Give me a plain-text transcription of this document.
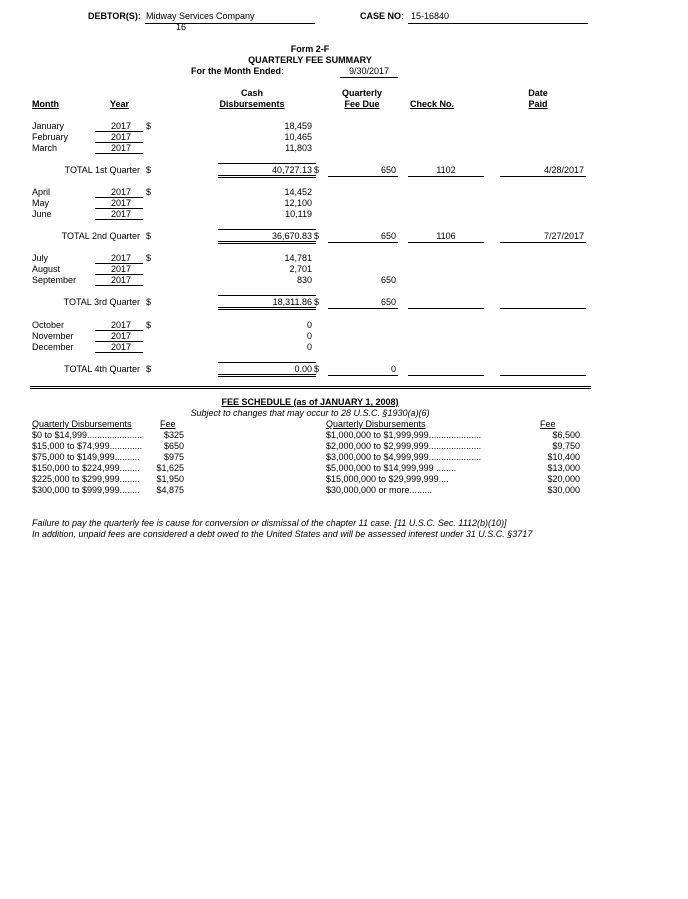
DEBTOR(S): Midway Services Company
16
CASE NO: 15-16840
Form 2-F
QUARTERLY FEE SUMMARY
For the Month Ended:	9/30/2017
Month	Year
Cash
Disbursements
Quarterly
Fee Due	Check No.
Date
Paid
January	2017	18,459
February	2017	10,465
March	2017	11,803
$
TOTAL 1st Quarter $	40,727.13 $	650	1102	4/28/2017
April	2017	14,452
May	2017	12,100
June	2017	10,119
$
TOTAL 2nd Quarter $	36,670.83 $	650	1106	7/27/2017
July	2017	14,781
August	2017	2,701
September	2017	830	650
$
TOTAL 3rd Quarter $	18,311.86 $	650
October	2017	0
November	2017	0
December	2017	0
$
TOTAL 4th Quarter $	0.00 $	0
FEE SCHEDULE (as of JANUARY 1, 2008)
Subject to changes that may occur to 28 U.S.C. §1930(a)(6)
Quarterly Disbursements	Fee	Quarterly Disbursements	Fee
$0 to $14,999......................	$325
$15,000 to $74,999.............	$650
$75,000 to $149,999..........	$975
$150,000 to $224,999........	$1,625
$225,000 to $299,999........	$1,950
$300,000 to $999,999........	$4,875
$1,000,000 to $1,999,999.....................	$6,500
$2,000,000 to $2,999,999.....................	$9,750
$3,000,000 to $4,999,999.....................	$10,400
$5,000,000 to $14,999,999 ........	$13,000
$15,000,000 to $29,999,999....	$20,000
$30,000,000 or more.........	$30,000
Failure to pay the quarterly fee is cause for conversion or dismissal of the chapter 11 case. [11 U.S.C. Sec. 1112(b)(10)]
In addition, unpaid fees are considered a debt owed to the United States and will be assessed interest under 31 U.S.C. §3717
